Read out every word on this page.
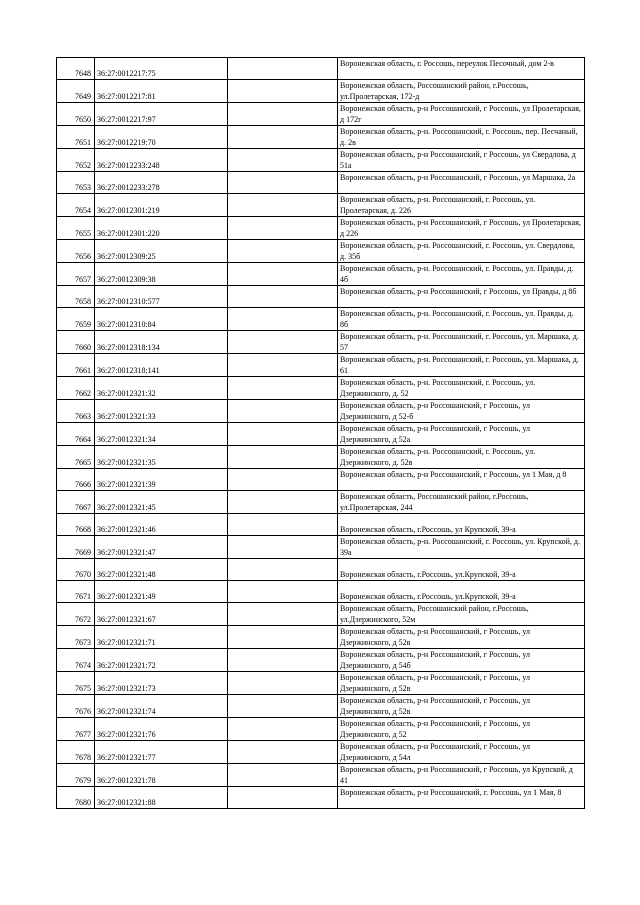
7648	36:27:0012217:75		Воронежская область, г. Россошь, переулок Песочный, дом 2-в
7649	36:27:0012217:81		Воронежская область, Россошанский район, г.Россошь, ул.Пролетарская, 172-д
7650	36:27:0012217:97		Воронежская область, р-н Россошанский, г Россошь, ул Пролетарская, д 172г
7651	36:27:0012219:70		Воронежская область, р-н. Россошанский, г. Россошь, пер. Песчаный, д. 2в
7652	36:27:0012233:248		Воронежская область, р-н Россошанский, г Россошь, ул Свердлова, д 51а
7653	36:27:0012233:278		Воронежская область, р-н Россошанский, г Россошь, ул Маршака, 2а
7654	36:27:0012301:219		Воронежская область, р-н. Россошанский, г. Россошь, ул. Пролетарская, д. 226
7655	36:27:0012301:220		Воронежская область, р-н Россошанский, г Россошь, ул Пролетарская, д 226
7656	36:27:0012309:25		Воронежская область, р-н. Россошанский, г. Россошь, ул. Свердлова, д. 35б
7657	36:27:0012309:38		Воронежская область, р-н. Россошанский, г. Россошь, ул. Правды, д. 4б
7658	36:27:0012310:577		Воронежская область, р-н Россошанский, г Россошь, ул Правды, д 8б
7659	36:27:0012310:84		Воронежская область, р-н. Россошанский, г. Россошь, ул. Правды, д. 8б
7660	36:27:0012318:134		Воронежская область, р-н. Россошанский, г. Россошь, ул. Маршака, д. 57
7661	36:27:0012318:141		Воронежская область, р-н. Россошанский, г. Россошь, ул. Маршака, д. 61
7662	36:27:0012321:32		Воронежская область, р-н. Россошанский, г. Россошь, ул. Дзержинского, д. 52
7663	36:27:0012321:33		Воронежская область, р-н Россошанский, г Россошь, ул Дзержинского, д 52-б
7664	36:27:0012321:34		Воронежская область, р-н Россошанский, г Россошь, ул Дзержинского, д 52а
7665	36:27:0012321:35		Воронежская область, р-н. Россошанский, г. Россошь, ул. Дзержинского, д. 52в
7666	36:27:0012321:39		Воронежская область, р-н Россошанский, г Россошь, ул 1 Мая, д 8
7667	36:27:0012321:45		Воронежская область, Россошанский район, г.Россошь, ул.Пролетарская, 244
7668	36:27:0012321:46		Воронежская область, г.Россошь, ул Крупской, 39-а
7669	36:27:0012321:47		Воронежская область, р-н. Россошанский, г. Россошь, ул. Крупской, д. 39а
7670	36:27:0012321:48		Воронежская область, г.Россошь, ул.Крупской, 39-а
7671	36:27:0012321:49		Воронежская область, г.Россошь, ул.Крупской, 39-а
7672	36:27:0012321:67		Воронежская область, Россошанский район, г.Россошь, ул.Дзержинского, 52м
7673	36:27:0012321:71		Воронежская область, р-н Россошанский, г Россошь, ул Дзержинского, д 52в
7674	36:27:0012321:72		Воронежская область, р-н Россошанский, г Россошь, ул Дзержинского, д 54б
7675	36:27:0012321:73		Воронежская область, р-н Россошанский, г Россошь, ул Дзержинского, д 52в
7676	36:27:0012321:74		Воронежская область, р-н Россошанский, г Россошь, ул Дзержинского, д 52в
7677	36:27:0012321:76		Воронежская область, р-н Россошанский, г Россошь, ул Дзержинского, д 52
7678	36:27:0012321:77		Воронежская область, р-н Россошанский, г Россошь, ул Дзержинского, д 54л
7679	36:27:0012321:78		Воронежская область, р-н Россошанский, г Россошь, ул Крупской, д 41
7680	36:27:0012321:88		Воронежская область, р-н Россошанский, г. Россошь, ул 1 Мая, 8
